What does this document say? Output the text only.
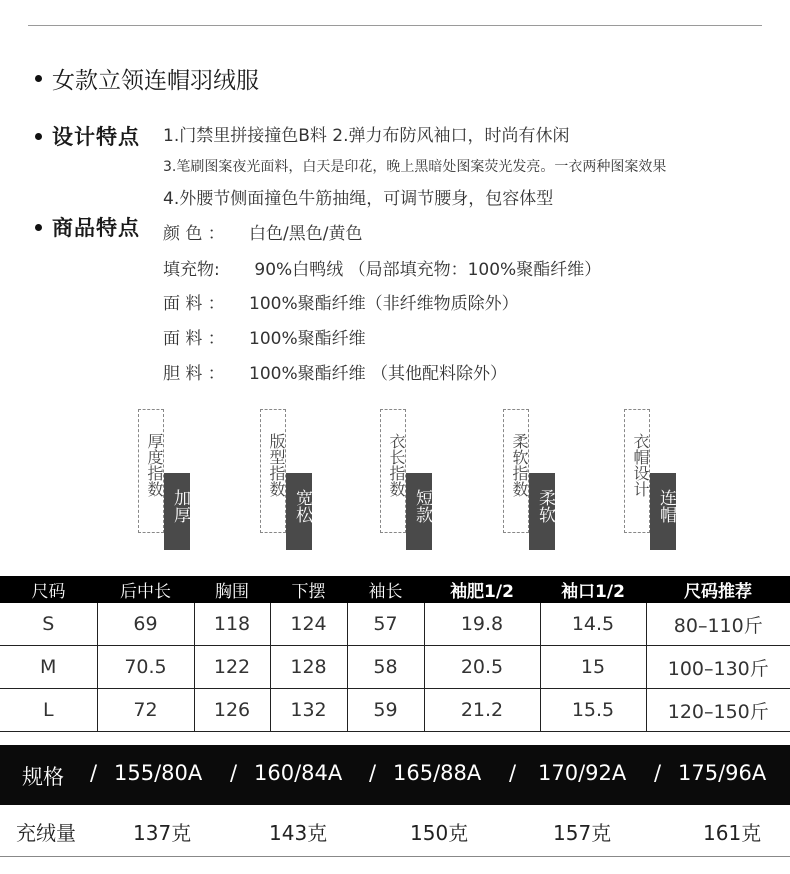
女款立领连帽羽绒服
设计特点 1.门禁里拼接撞色B料 2.弹力布防风袖口，时尚有休闲
3.笔刷图案夜光面料，白天是印花，晚上黑暗处图案荧光发亮。一衣两种图案效果
4.外腰节侧面撞色牛筋抽绳，可调节腰身，包容体型
商品特点 颜 色 ： 白色/黑色/黄色
填充物: 90%白鸭绒 （局部填充物：100%聚酯纤维）
面 料 ： 100%聚酯纤维（非纤维物质除外）
面 料 ： 100%聚酯纤维
胆 料 ： 100%聚酯纤维 （其他配料除外）
厚度指数
加厚
版型指数
宽松
衣长指数
短款
柔软指数
柔软
衣帽设计
连帽
尺码	后中长	胸围	下摆	袖长	袖肥1/2	袖口1/2	尺码推荐
S	69	118	124	57	19.8	14.5	80–110斤
M	70.5	122	128	58	20.5	15	100–130斤
L	72	126	132	59	21.2	15.5	120–150斤
规格 / 155/80A / 160/84A / 165/88A / 170/92A / 175/96A
充绒量	137克	143克	150克	157克	161克
